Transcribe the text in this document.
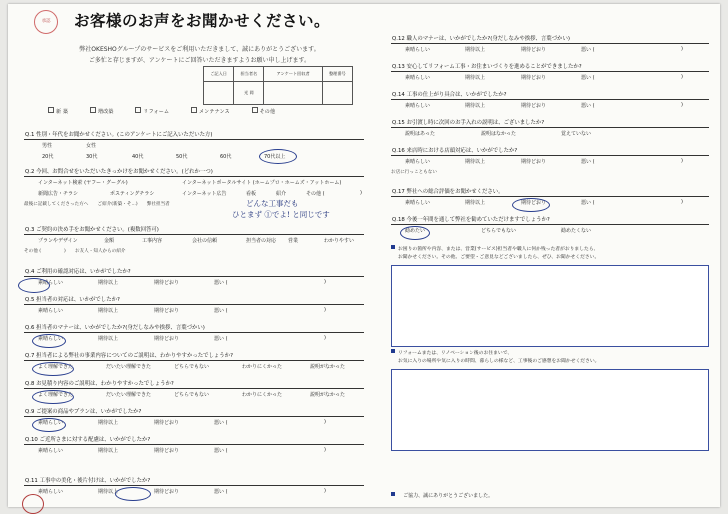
承認	お客様のお声をお聞かせください。
弊社OKESHOグループのサービスをご利用いただきまして、誠にありがとうございます。
ご多忙と存じますが、アンケートにご回答いただきますようお願い申し上げます。
ご記入日	担当者名	アンケート回収者	整理番号
	光 岡		
新 築	増改築	リフォーム	メンテナンス	その他
Q.1 性別・年代をお聞かせください。(このアンケートにご記入いただいた方)
男性	女性
20代	30代	40代	50代	60代	70代以上
Q.2 今回、お問合せをいただいたきっかけをお聞かせください。(どれか一つ)
インターネット検索 (ヤフー・グーグル)	インターネットポータルサイト (ホームプロ・ホームズ・アットホーム)
新聞広告・チラシ	ポスティングチラシ	インターネット広告	看板	紹介	その他 (	)
最後に記載してくださった方へ　　ご紹介(新築・そ...)　　弊社担当者
Q.3 ご契約の決め手をお聞かせください。(複数回答可)
プランやデザイン	金額	工事内容	会社の信頼	担当者の対応 営業	わかりやすい
その他 (　　　　　)　　お友人・知人からの紹介
Q.4 ご利用の確認対応は、いかがでしたか?
素晴らしい	期待以上	期待どおり	悪い (	)
Q.5 担当者の対応は、いかがでしたか?
素晴らしい	期待以上	期待どおり	悪い (	)
Q.6 担当者のマナーは、いかがでしたか?(身だしなみや挨拶、言葉づかい)
素晴らしい	期待以上	期待どおり	悪い (	)
Q.7 担当者による弊社の事業内容についてのご説明は、わかりやすかったでしょうか?
よく理解できた	だいたい理解できた	どちらでもない	わかりにくかった	説明がなかった
Q.8 お見積り内容のご説明は、わかりやすかったでしょうか?
よく理解できた	だいたい理解できた	どちらでもない	わかりにくかった	説明がなかった
Q.9 ご提案の商品やプランは、いかがでしたか?
素晴らしい	期待以上	期待どおり	悪い (	)
Q.10 ご近所さまに対する配慮は、いかがでしたか?
素晴らしい	期待以上	期待どおり	悪い (	)
Q.11 工事中の美化・後片付けは、いかがでしたか?
素晴らしい	期待以上	期待どおり	悪い (	)
どんな工事だも
ひとまず ①でよ! と同じです
Q.12 職人のマナーは、いかがでしたか?(身だしなみや挨拶、言葉づかい)
素晴らしい	期待以上	期待どおり	悪い (	)
Q.13 安心してリフォーム工事・お住まいづくりを進めることができましたか?
素晴らしい	期待以上	期待どおり	悪い (	)
Q.14 工事の仕上がり具合は、いかがでしたか?
素晴らしい	期待以上	期待どおり	悪い (	)
Q.15 お引渡し時に次回のお手入れの説明は、ございましたか?
説明はあった	説明はなかった	覚えていない
Q.16 来店時における店頭対応は、いかがでしたか?
素晴らしい	期待以上	期待どおり	悪い (	)
お店に行っこともない
Q.17 弊社への総合評価をお聞かせください。
素晴らしい	期待以上	期待どおり	悪い (	)
Q.18 今後一年間を通して弊社を勧めていただけますでしょうか?
勧めたい	どちらでもない	勧めたくない
お困りの箇所や内容、または、営業(サービス)担当者や職人に何か残った者がおりましたら、
お聞かせください。その他、ご要望・ご意見などございましたら、ぜひ、お聞かせください。
リフォームまたは、リノベーション後のお住まいで、
お気に入りの場所や気に入りの時間、暮らしの様など、工事後のご感想をお聞かせください。
ご協力、誠にありがとうございました。
